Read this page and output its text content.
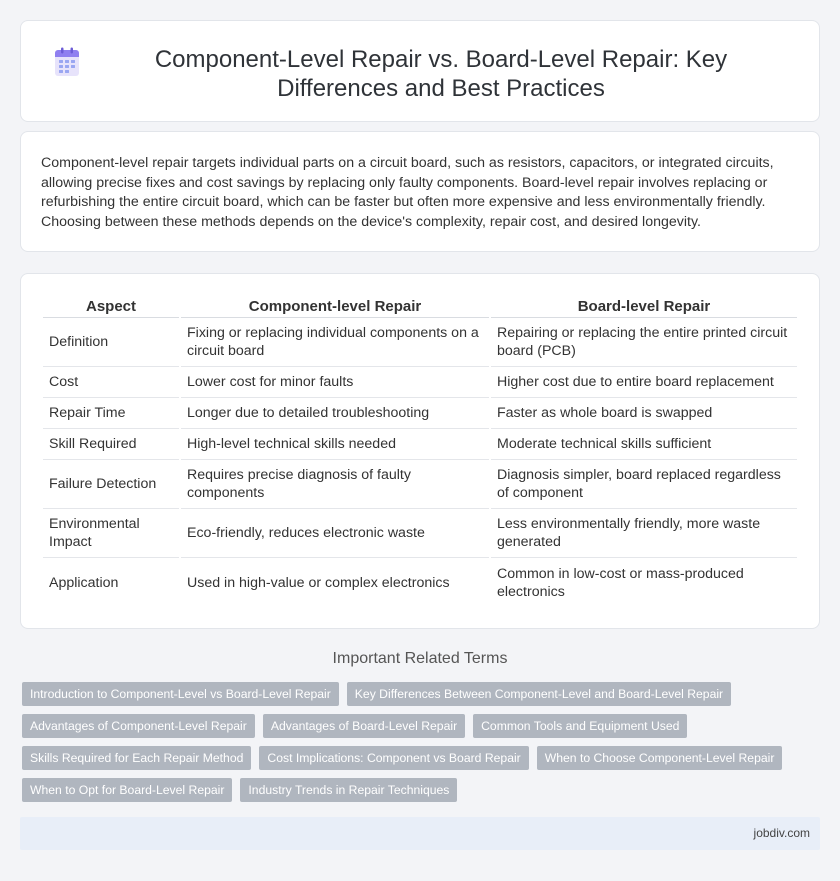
Component-Level Repair vs. Board-Level Repair: Key Differences and Best Practices

Component-level repair targets individual parts on a circuit board, such as resistors, capacitors, or integrated circuits, allowing precise fixes and cost savings by replacing only faulty components. Board-level repair involves replacing or refurbishing the entire circuit board, which can be faster but often more expensive and less environmentally friendly. Choosing between these methods depends on the device's complexity, repair cost, and desired longevity.

Aspect	Component-level Repair	Board-level Repair
Definition	Fixing or replacing individual components on a circuit board	Repairing or replacing the entire printed circuit board (PCB)
Cost	Lower cost for minor faults	Higher cost due to entire board replacement
Repair Time	Longer due to detailed troubleshooting	Faster as whole board is swapped
Skill Required	High-level technical skills needed	Moderate technical skills sufficient
Failure Detection	Requires precise diagnosis of faulty components	Diagnosis simpler, board replaced regardless of component
Environmental Impact	Eco-friendly, reduces electronic waste	Less environmentally friendly, more waste generated
Application	Used in high-value or complex electronics	Common in low-cost or mass-produced electronics
Important Related Terms
Introduction to Component-Level vs Board-Level Repair	Key Differences Between Component-Level and Board-Level Repair
Advantages of Component-Level Repair	Advantages of Board-Level Repair	Common Tools and Equipment Used
Skills Required for Each Repair Method	Cost Implications: Component vs Board Repair	When to Choose Component-Level Repair
When to Opt for Board-Level Repair	Industry Trends in Repair Techniques
jobdiv.com
